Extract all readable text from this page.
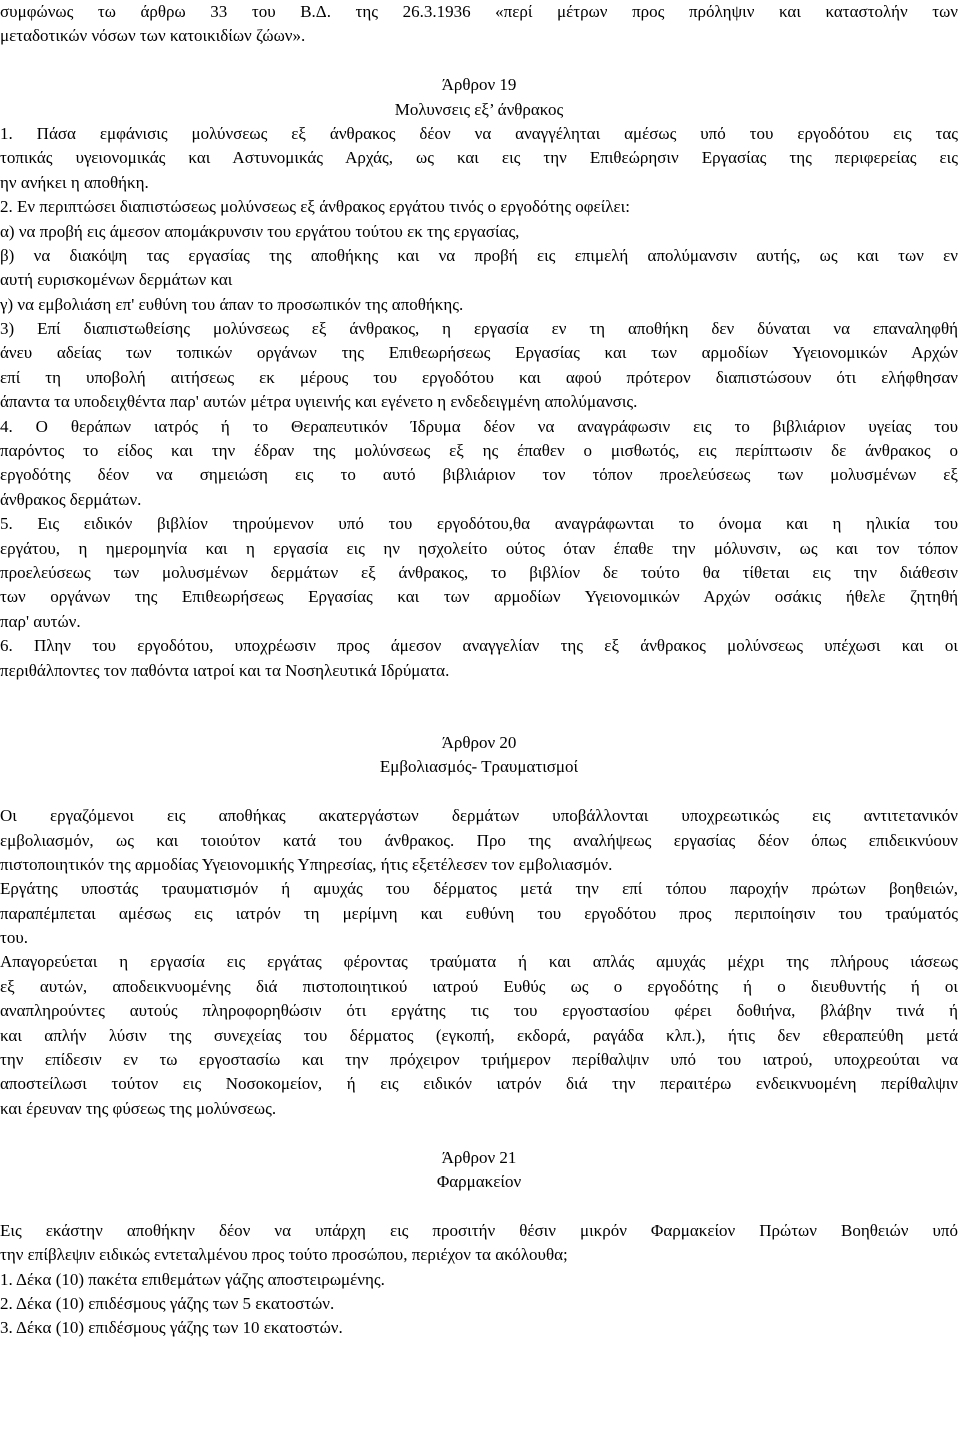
συμφώνως τω άρθρω 33 του Β.Δ. της 26.3.1936 «περί μέτρων προς πρόληψιν και καταστολήν των
μεταδοτικών νόσων των κατοικιδίων ζώων».
Άρθρον 19
Μολυνσεις εξ’ άνθρακος
1. Πάσα εμφάνισις μολύνσεως εξ άνθρακος δέον να αναγγέληται αμέσως υπό του εργοδότου εις τας
τοπικάς υγειονομικάς και Αστυνομικάς Αρχάς, ως και εις την Επιθεώρησιν Εργασίας της περιφερείας εις
ην ανήκει η αποθήκη.
2. Εν περιπτώσει διαπιστώσεως μολύνσεως εξ άνθρακος εργάτου τινός ο εργοδότης οφείλει:
α) να προβή εις άμεσον απομάκρυνσιν του εργάτου τούτου εκ της εργασίας,
β) να διακόψη τας εργασίας της αποθήκης και να προβή εις επιμελή απολύμανσιν αυτής, ως και των εν
αυτή ευρισκομένων δερμάτων και
γ) να εμβολιάση επ' ευθύνη του άπαν το προσωπικόν της αποθήκης.
3) Επί διαπιστωθείσης μολύνσεως εξ άνθρακος, η εργασία εν τη αποθήκη δεν δύναται να επαναληφθή
άνευ αδείας των τοπικών οργάνων της Επιθεωρήσεως Εργασίας και των αρμοδίων Υγειονομικών Αρχών
επί τη υποβολή αιτήσεως εκ μέρους του εργοδότου και αφού πρότερον διαπιστώσουν ότι ελήφθησαν
άπαντα τα υποδειχθέντα παρ' αυτών μέτρα υγιεινής και εγένετο η ενδεδειγμένη απολύμανσις.
4. Ο θεράπων ιατρός ή το Θεραπευτικόν Ίδρυμα δέον να αναγράφωσιν εις το βιβλιάριον υγείας του
παρόντος το είδος και την έδραν της μολύνσεως εξ ης έπαθεν ο μισθωτός, εις περίπτωσιν δε άνθρακος ο
εργοδότης δέον να σημειώση εις το αυτό βιβλιάριον τον τόπον προελεύσεως των μολυσμένων εξ
άνθρακος δερμάτων.
5. Εις ειδικόν βιβλίον τηρούμενον υπό του εργοδότου,θα αναγράφωνται το όνομα και η ηλικία του
εργάτου, η ημερομηνία και η εργασία εις ην ησχολείτο ούτος όταν έπαθε την μόλυνσιν, ως και τον τόπον
προελεύσεως των μολυσμένων δερμάτων εξ άνθρακος, το βιβλίον δε τούτο θα τίθεται εις την διάθεσιν
των οργάνων της Επιθεωρήσεως Εργασίας και των αρμοδίων Υγειονομικών Αρχών οσάκις ήθελε ζητηθή
παρ' αυτών.
6. Πλην του εργοδότου, υποχρέωσιν προς άμεσον αναγγελίαν της εξ άνθρακος μολύνσεως υπέχωσι και οι
περιθάλποντες τον παθόντα ιατροί και τα Νοσηλευτικά Ιδρύματα.
Άρθρον 20
Εμβολιασμός- Τραυματισμοί
Οι εργαζόμενοι εις αποθήκας ακατεργάστων δερμάτων υποβάλλονται υποχρεωτικώς εις αντιτετανικόν
εμβολιασμόν, ως και τοιούτον κατά του άνθρακος. Προ της αναλήψεως εργασίας δέον όπως επιδεικνύουν
πιστοποιητικόν της αρμοδίας Υγειονομικής Υπηρεσίας, ήτις εξετέλεσεν τον εμβολιασμόν.
Εργάτης υποστάς τραυματισμόν ή αμυχάς του δέρματος μετά την επί τόπου παροχήν πρώτων βοηθειών,
παραπέμπεται αμέσως εις ιατρόν τη μερίμνη και ευθύνη του εργοδότου προς περιποίησιν του τραύματός
του.
Απαγορεύεται η εργασία εις εργάτας φέροντας τραύματα ή και απλάς αμυχάς μέχρι της πλήρους ιάσεως
εξ αυτών, αποδεικνυομένης διά πιστοποιητικού ιατρού Ευθύς ως ο εργοδότης ή ο διευθυντής ή οι
αναπληρούντες αυτούς πληροφορηθώσιν ότι εργάτης τις του εργοστασίου φέρει δοθιήνα, βλάβην τινά ή
και απλήν λύσιν της συνεχείας του δέρματος (εγκοπή, εκδορά, ραγάδα κλπ.), ήτις δεν εθεραπεύθη μετά
την επίδεσιν εν τω εργοστασίω και την πρόχειρον τριήμερον περίθαλψιν υπό του ιατρού, υποχρεούται να
αποστείλωσι τούτον εις Νοσοκομείον, ή εις ειδικόν ιατρόν διά την περαιτέρω ενδεικνυομένη περίθαλψιν
και έρευναν της φύσεως της μολύνσεως.
Άρθρον 21
Φαρμακείον
Εις εκάστην αποθήκην δέον να υπάρχη εις προσιτήν θέσιν μικρόν Φαρμακείον Πρώτων Βοηθειών υπό
την επίβλεψιν ειδικώς εντεταλμένου προς τούτο προσώπου, περιέχον τα ακόλουθα;
1. Δέκα (10) πακέτα επιθεμάτων γάζης αποστειρωμένης.
2. Δέκα (10) επιδέσμους γάζης των 5 εκατοστών.
3. Δέκα (10) επιδέσμους γάζης των 10 εκατοστών.
